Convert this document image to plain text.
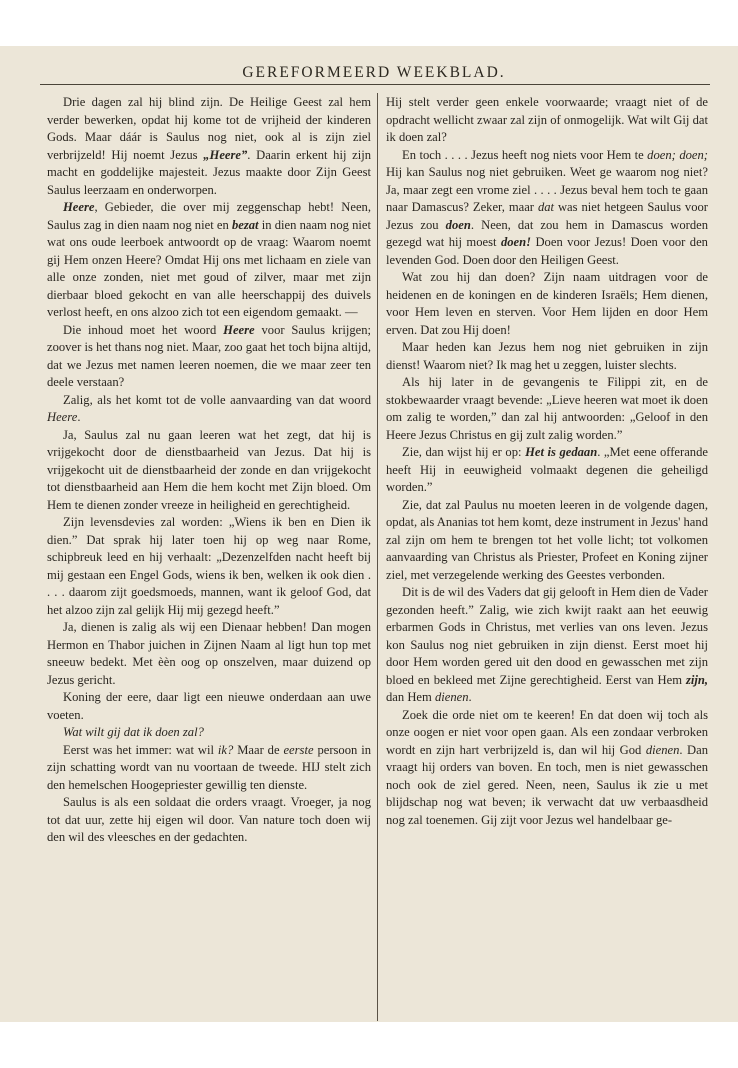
GEREFORMEERD WEEKBLAD.

Drie dagen zal hij blind zijn. De Heilige Geest zal hem verder bewerken, opdat hij kome tot de vrijheid der kinderen Gods. Maar dáár is Saulus nog niet, ook al is zijn ziel verbrijzeld! Hij noemt Jezus „Heere”. Daarin erkent hij zijn macht en goddelijke majesteit. Jezus maakte door Zijn Geest Saulus leerzaam en onderworpen.

Heere, Gebieder, die over mij zeggenschap hebt! Neen, Saulus zag in dien naam nog niet en bezat in dien naam nog niet wat ons oude leerboek antwoordt op de vraag: Waarom noemt gij Hem onzen Heere? Omdat Hij ons met lichaam en ziele van alle onze zonden, niet met goud of zilver, maar met zijn dierbaar bloed gekocht en van alle heerschappij des duivels verlost heeft, en ons alzoo zich tot een eigendom gemaakt. —

Die inhoud moet het woord Heere voor Saulus krijgen; zoover is het thans nog niet. Maar, zoo gaat het toch bijna altijd, dat we Jezus met namen leeren noemen, die we maar zeer ten deele verstaan?

Zalig, als het komt tot de volle aanvaarding van dat woord Heere.

Ja, Saulus zal nu gaan leeren wat het zegt, dat hij is vrijgekocht door de dienstbaarheid van Jezus. Dat hij is vrijgekocht uit de dienstbaarheid der zonde en dan vrijgekocht tot dienstbaarheid aan Hem die hem kocht met Zijn bloed. Om Hem te dienen zonder vreeze in heiligheid en gerechtigheid.

Zijn levensdevies zal worden: „Wiens ik ben en Dien ik dien.” Dat sprak hij later toen hij op weg naar Rome, schipbreuk leed en hij verhaalt: „Dezenzelfden nacht heeft bij mij gestaan een Engel Gods, wiens ik ben, welken ik ook dien . . . . daarom zijt goedsmoeds, mannen, want ik geloof God, dat het alzoo zijn zal gelijk Hij mij gezegd heeft.”

Ja, dienen is zalig als wij een Dienaar hebben! Dan mogen Hermon en Thabor juichen in Zijnen Naam al ligt hun top met sneeuw bedekt. Met èèn oog op onszelven, maar duizend op Jezus gericht.

Koning der eere, daar ligt een nieuwe onderdaan aan uwe voeten.

Wat wilt gij dat ik doen zal?

Eerst was het immer: wat wil ik? Maar de eerste persoon in zijn schatting wordt van nu voortaan de tweede. HIJ stelt zich den hemelschen Hoogepriester gewillig ten dienste.

Saulus is als een soldaat die orders vraagt. Vroeger, ja nog tot dat uur, zette hij eigen wil door. Van nature toch doen wij den wil des vleesches en der gedachten.

Hij stelt verder geen enkele voorwaarde; vraagt niet of de opdracht wellicht zwaar zal zijn of onmogelijk. Wat wilt Gij dat ik doen zal?

En toch . . . . Jezus heeft nog niets voor Hem te doen; doen; Hij kan Saulus nog niet gebruiken. Weet ge waarom nog niet? Ja, maar zegt een vrome ziel . . . . Jezus beval hem toch te gaan naar Damascus? Zeker, maar dat was niet hetgeen Saulus voor Jezus zou doen. Neen, dat zou hem in Damascus worden gezegd wat hij moest doen! Doen voor Jezus! Doen voor den levenden God. Doen door den Heiligen Geest.

Wat zou hij dan doen? Zijn naam uitdragen voor de heidenen en de koningen en de kinderen Israëls; Hem dienen, voor Hem leven en sterven. Voor Hem lijden en door Hem erven. Dat zou Hij doen!

Maar heden kan Jezus hem nog niet gebruiken in zijn dienst! Waarom niet? Ik mag het u zeggen, luister slechts.

Als hij later in de gevangenis te Filippi zit, en de stokbewaarder vraagt bevende: „Lieve heeren wat moet ik doen om zalig te worden,” dan zal hij antwoorden: „Geloof in den Heere Jezus Christus en gij zult zalig worden.”

Zie, dan wijst hij er op: Het is gedaan. „Met eene offerande heeft Hij in eeuwigheid volmaakt degenen die geheiligd worden.”

Zie, dat zal Paulus nu moeten leeren in de volgende dagen, opdat, als Ananias tot hem komt, deze instrument in Jezus' hand zal zijn om hem te brengen tot het volle licht; tot volkomen aanvaarding van Christus als Priester, Profeet en Koning zijner ziel, met verzegelende werking des Geestes verbonden.

Dit is de wil des Vaders dat gij gelooft in Hem dien de Vader gezonden heeft.” Zalig, wie zich kwijt raakt aan het eeuwig erbarmen Gods in Christus, met verlies van ons leven. Jezus kon Saulus nog niet gebruiken in zijn dienst. Eerst moet hij door Hem worden gered uit den dood en gewasschen met zijn bloed en bekleed met Zijne gerechtigheid. Eerst van Hem zijn, dan Hem dienen.

Zoek die orde niet om te keeren! En dat doen wij toch als onze oogen er niet voor open gaan. Als een zondaar verbroken wordt en zijn hart verbrijzeld is, dan wil hij God dienen. Dan vraagt hij orders van boven. En toch, men is niet gewasschen noch ook de ziel gered. Neen, neen, Saulus ik zie u met blijdschap nog wat beven; ik verwacht dat uw verbaasdheid nog zal toenemen. Gij zijt voor Jezus wel handelbaar ge-
